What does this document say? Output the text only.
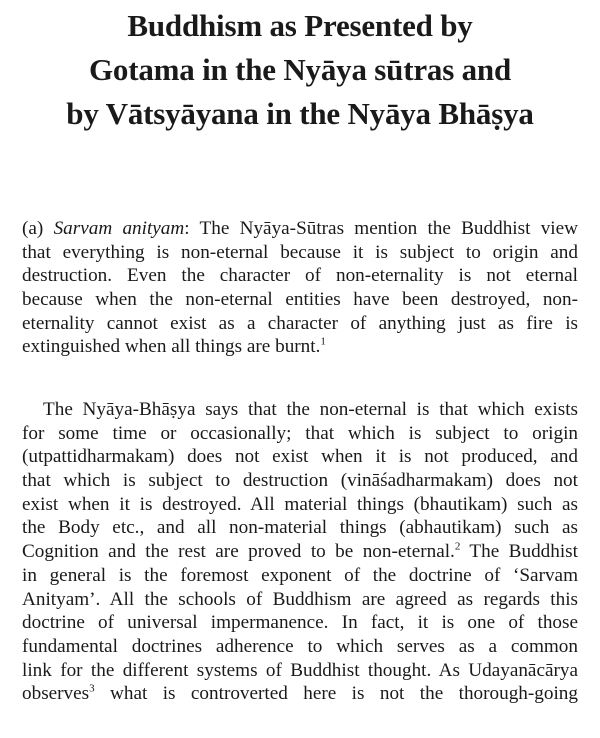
Buddhism as Presented by
Gotama in the Nyāya sūtras and
by Vātsyāyana in the Nyāya Bhāṣya
(a) Sarvam anityam: The Nyāya-Sūtras mention the Buddhist view
that everything is non-eternal because it is subject to origin and
destruction. Even the character of non-eternality is not eternal
because when the non-eternal entities have been destroyed, non-
eternality cannot exist as a character of anything just as fire is
extinguished when all things are burnt.$^1$
The Nyāya-Bhāṣya says that the non-eternal is that which exists
for some time or occasionally; that which is subject to origin
(utpattidharmakam) does not exist when it is not produced, and
that which is subject to destruction (vināśadharmakam) does not
exist when it is destroyed. All material things (bhautikam) such as
the Body etc., and all non-material things (abhautikam) such as
Cognition and the rest are proved to be non-eternal.$^2$ The Buddhist
in general is the foremost exponent of the doctrine of ‘Sarvam
Anityam’. All the schools of Buddhism are agreed as regards this
doctrine of universal impermanence. In fact, it is one of those
fundamental doctrines adherence to which serves as a common
link for the different systems of Buddhist thought. As Udayanācārya
observes$^3$ what is controverted here is not the thorough-going
